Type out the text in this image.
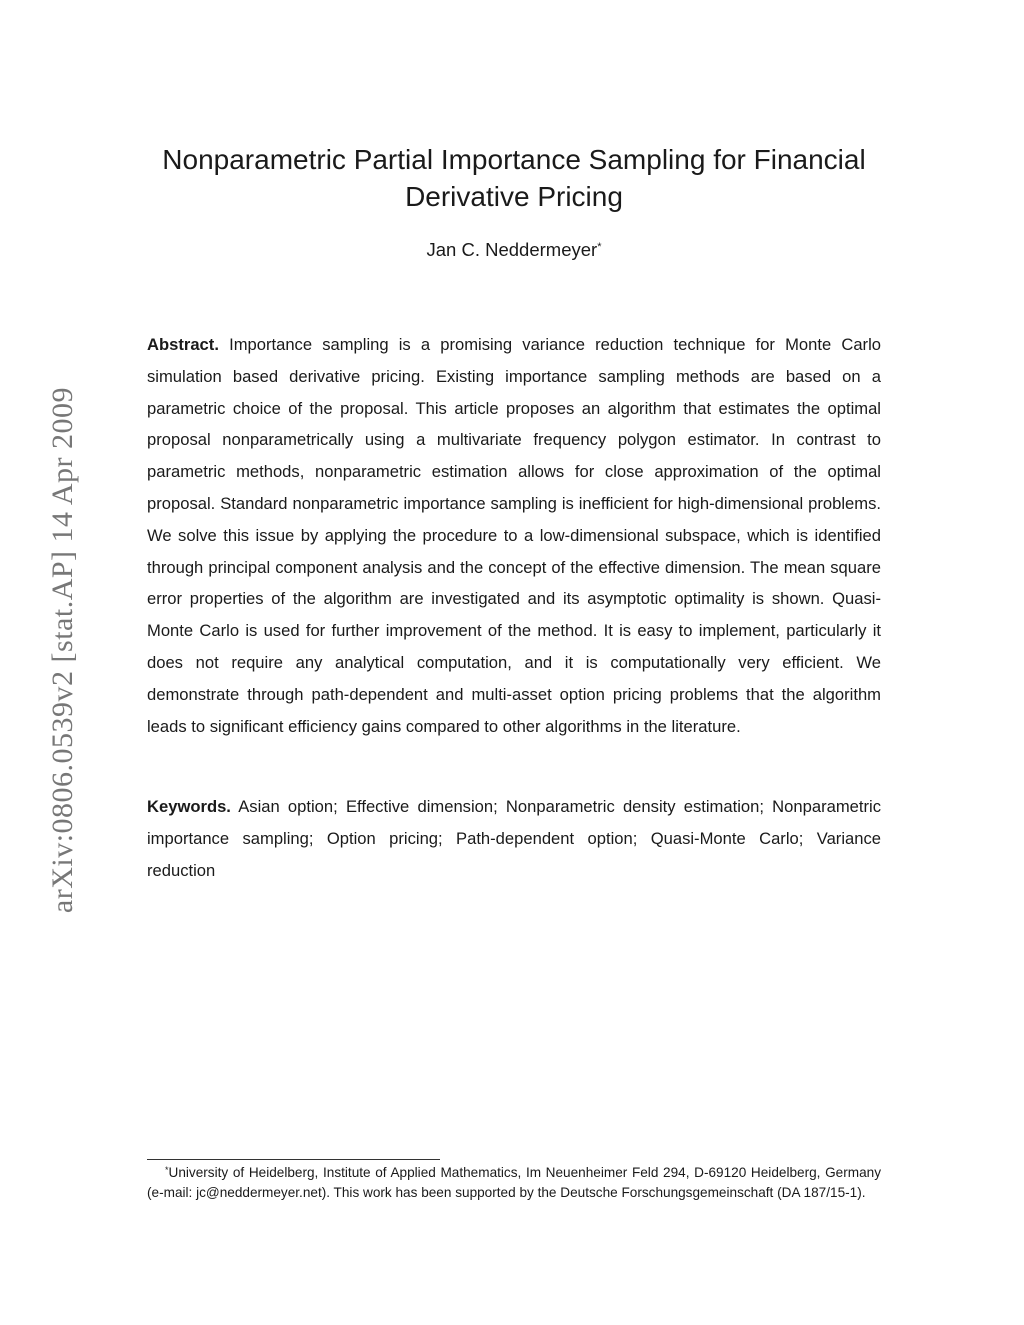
arXiv:0806.0539v2 [stat.AP] 14 Apr 2009
Nonparametric Partial Importance Sampling for Financial Derivative Pricing
Jan C. Neddermeyer*

Abstract. Importance sampling is a promising variance reduction technique for Monte Carlo simulation based derivative pricing. Existing importance sampling methods are based on a parametric choice of the proposal. This article proposes an algorithm that estimates the optimal proposal nonparametrically using a multivariate frequency polygon estimator. In contrast to parametric methods, nonparametric estimation allows for close approximation of the optimal proposal. Standard nonparametric importance sampling is inefficient for high-dimensional problems. We solve this issue by applying the procedure to a low-dimensional subspace, which is identified through principal component analysis and the concept of the effective dimension. The mean square error properties of the algorithm are investigated and its asymptotic optimality is shown. Quasi-Monte Carlo is used for further improvement of the method. It is easy to implement, particularly it does not require any analytical computation, and it is computationally very efficient. We demonstrate through path-dependent and multi-asset option pricing problems that the algorithm leads to significant efficiency gains compared to other algorithms in the literature.

Keywords. Asian option; Effective dimension; Nonparametric density estimation; Nonparametric importance sampling; Option pricing; Path-dependent option; Quasi-Monte Carlo; Variance reduction

*University of Heidelberg, Institute of Applied Mathematics, Im Neuenheimer Feld 294, D-69120 Heidelberg, Germany (e-mail: jc@neddermeyer.net). This work has been supported by the Deutsche Forschungsgemeinschaft (DA 187/15-1).
